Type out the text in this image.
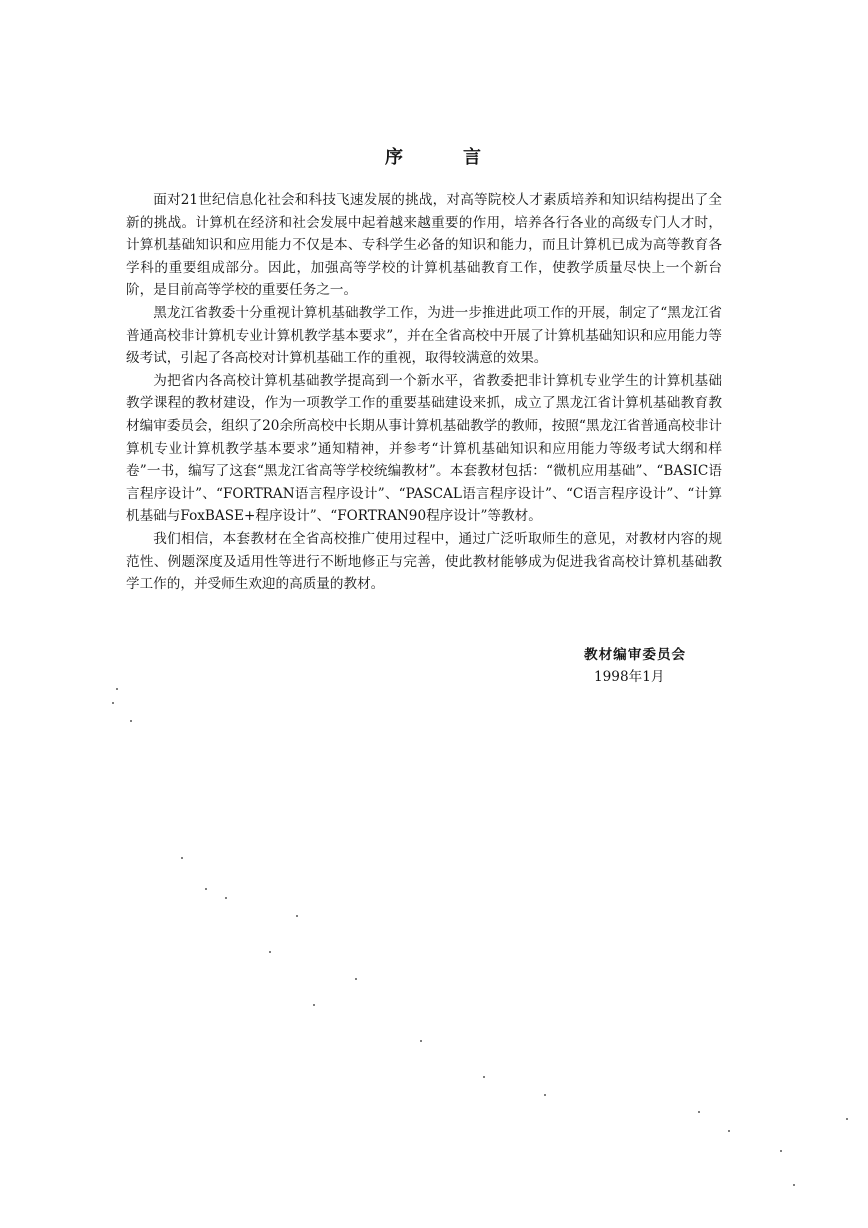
序	言

面对21世纪信息化社会和科技飞速发展的挑战，对高等院校人才素质培养和知识结构提出了全新的挑战。计算机在经济和社会发展中起着越来越重要的作用，培养各行各业的高级专门人才时，计算机基础知识和应用能力不仅是本、专科学生必备的知识和能力，而且计算机已成为高等教育各学科的重要组成部分。因此，加强高等学校的计算机基础教育工作，使教学质量尽快上一个新台阶，是目前高等学校的重要任务之一。

黑龙江省教委十分重视计算机基础教学工作，为进一步推进此项工作的开展，制定了“黑龙江省普通高校非计算机专业计算机教学基本要求”，并在全省高校中开展了计算机基础知识和应用能力等级考试，引起了各高校对计算机基础工作的重视，取得较满意的效果。

为把省内各高校计算机基础教学提高到一个新水平，省教委把非计算机专业学生的计算机基础教学课程的教材建设，作为一项教学工作的重要基础建设来抓，成立了黑龙江省计算机基础教育教材编审委员会，组织了20余所高校中长期从事计算机基础教学的教师，按照“黑龙江省普通高校非计算机专业计算机教学基本要求”通知精神，并参考“计算机基础知识和应用能力等级考试大纲和样卷”一书，编写了这套“黑龙江省高等学校统编教材”。本套教材包括：“微机应用基础”、“BASIC语言程序设计”、“FORTRAN语言程序设计”、“PASCAL语言程序设计”、“C语言程序设计”、“计算机基础与FoxBASE+程序设计”、“FORTRAN90程序设计”等教材。

我们相信，本套教材在全省高校推广使用过程中，通过广泛听取师生的意见，对教材内容的规范性、例题深度及适用性等进行不断地修正与完善，使此教材能够成为促进我省高校计算机基础教学工作的，并受师生欢迎的高质量的教材。

教材编审委员会
1998年1月
